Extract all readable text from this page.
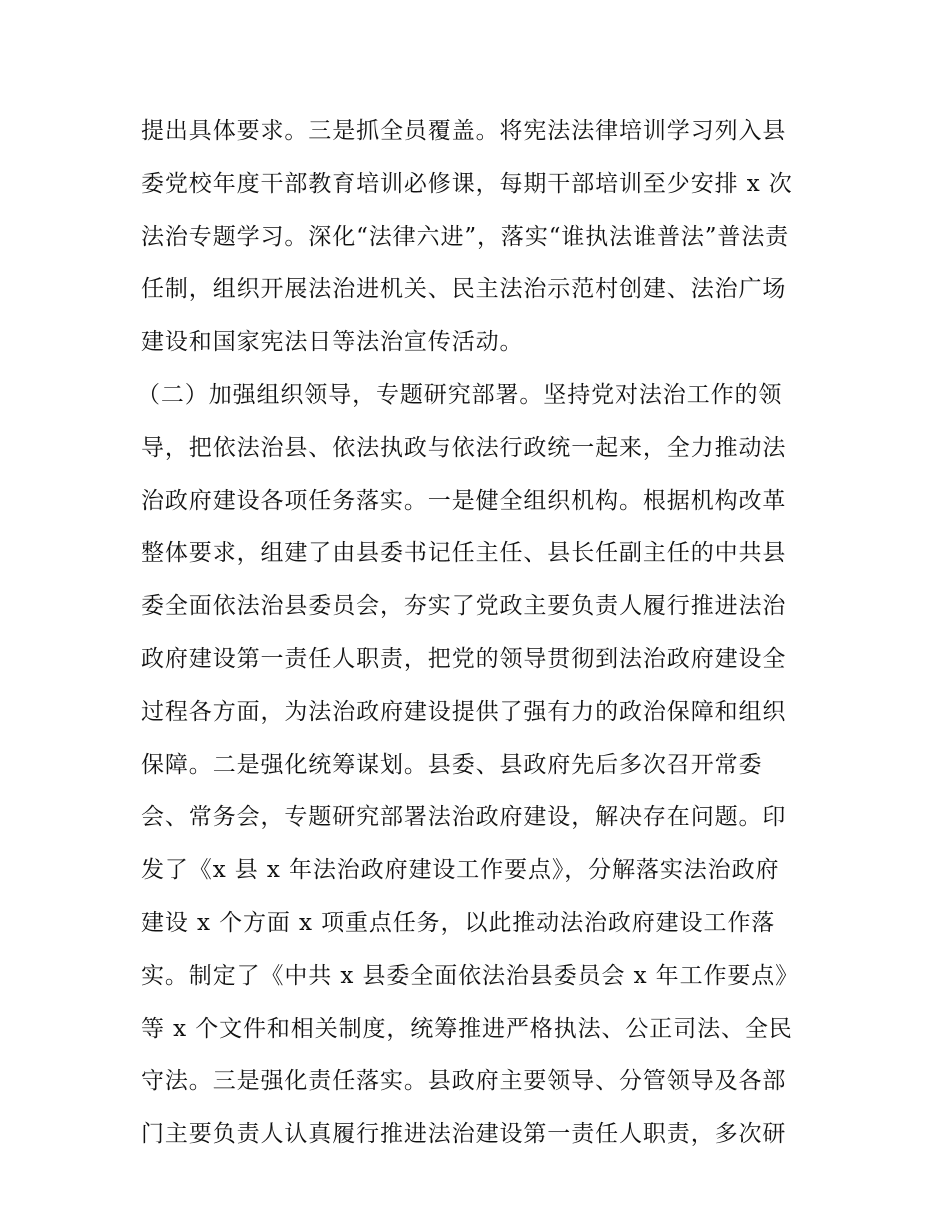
提出具体要求。三是抓全员覆盖。将宪法法律培训学习列入县
委党校年度干部教育培训必修课，每期干部培训至少安排 x 次
法治专题学习。深化“法律六进”，落实“谁执法谁普法”普法责
任制，组织开展法治进机关、民主法治示范村创建、法治广场
建设和国家宪法日等法治宣传活动。
（二）加强组织领导，专题研究部署。坚持党对法治工作的领
导，把依法治县、依法执政与依法行政统一起来，全力推动法
治政府建设各项任务落实。一是健全组织机构。根据机构改革
整体要求，组建了由县委书记任主任、县长任副主任的中共县
委全面依法治县委员会，夯实了党政主要负责人履行推进法治
政府建设第一责任人职责，把党的领导贯彻到法治政府建设全
过程各方面，为法治政府建设提供了强有力的政治保障和组织
保障。二是强化统筹谋划。县委、县政府先后多次召开常委
会、常务会，专题研究部署法治政府建设，解决存在问题。印
发了《x 县 x 年法治政府建设工作要点》，分解落实法治政府
建设 x 个方面 x 项重点任务，以此推动法治政府建设工作落
实。制定了《中共 x 县委全面依法治县委员会 x 年工作要点》
等 x 个文件和相关制度，统筹推进严格执法、公正司法、全民
守法。三是强化责任落实。县政府主要领导、分管领导及各部
门主要负责人认真履行推进法治建设第一责任人职责，多次研
